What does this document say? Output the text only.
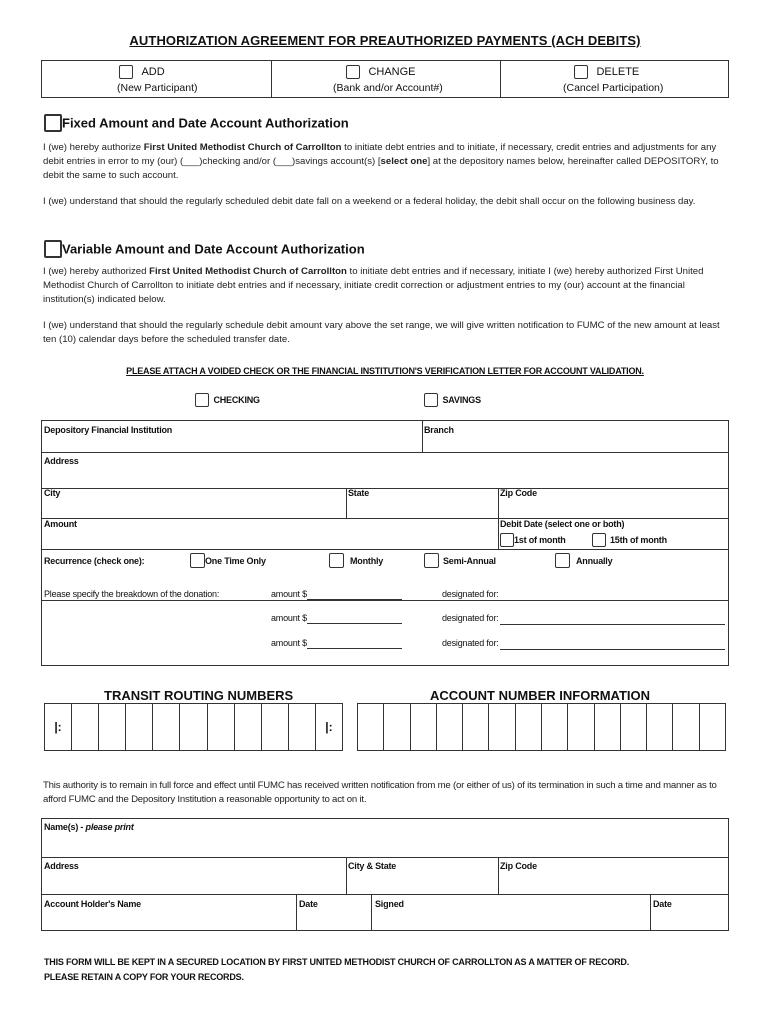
AUTHORIZATION AGREEMENT FOR PREAUTHORIZED PAYMENTS (ACH DEBITS)
ADD
(New Participant)
CHANGE
(Bank and/or Account#)
DELETE
(Cancel Participation)
Fixed Amount and Date Account Authorization
I (we) hereby authorize First United Methodist Church of Carrollton to initiate debt entries and to initiate, if necessary, credit entries and adjustments for any debit entries in error to my (our) (___)checking and/or (___)savings account(s) [select one] at the depository names below, hereinafter called DEPOSITORY, to debit the same to such account.
I (we) understand that should the regularly scheduled debit date fall on a weekend or a federal holiday, the debit shall occur on the following business day.
Variable Amount and Date Account Authorization
I (we) hereby authorized First United Methodist Church of Carrollton to initiate debt entries and if necessary, initiate I (we) hereby authorized First United Methodist Church of Carrollton to initiate debt entries and if necessary, initiate credit correction or adjustment entries to my (our) account at the financial institution(s) indicated below.
I (we) understand that should the regularly schedule debit amount vary above the set range, we will give written notification to FUMC of the new amount at least ten (10) calendar days before the scheduled transfer date.
PLEASE ATTACH A VOIDED CHECK OR THE FINANCIAL INSTITUTION'S VERIFICATION LETTER FOR ACCOUNT VALIDATION.
CHECKING	SAVINGS
Depository Financial Institution	Branch
Address
City	State	Zip Code
Amount	Debit Date (select one or both)
1st of month	15th of month
Recurrence (check one):	One Time Only	Monthly	Semi-Annual	Annually
Please specify the breakdown of the donation:	amount $	designated for:
amount $	designated for:
amount $	designated for:
TRANSIT ROUTING NUMBERS	ACCOUNT NUMBER INFORMATION
|:	|:
This authority is to remain in full force and effect until FUMC has received written notification from me (or either of us) of its termination in such a time and manner as to afford FUMC and the Depository Institution a reasonable opportunity to act on it.
Name(s) - please print
Address	City & State	Zip Code
Account Holder's Name	Date	Signed	Date
THIS FORM WILL BE KEPT IN A SECURED LOCATION BY FIRST UNITED METHODIST CHURCH OF CARROLLTON AS A MATTER OF RECORD.
PLEASE RETAIN A COPY FOR YOUR RECORDS.
